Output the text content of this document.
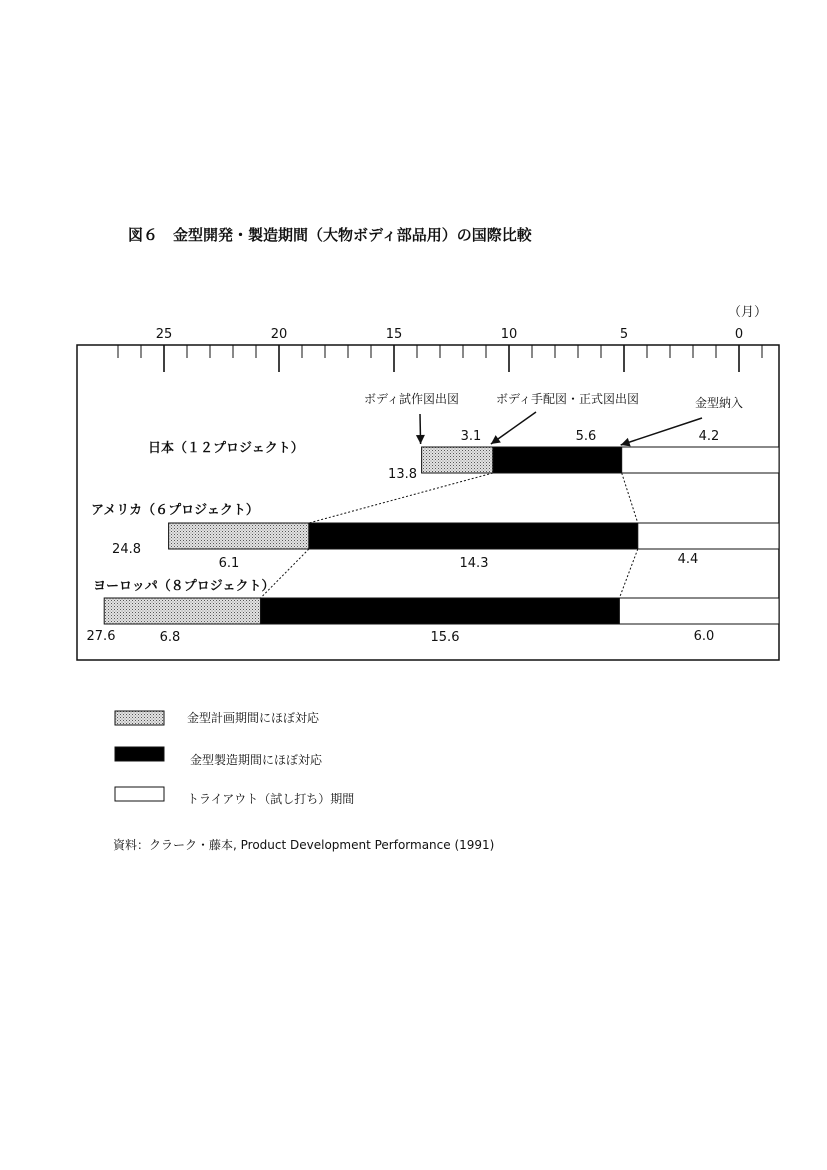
図６　金型開発・製造期間（大物ボディ部品用）の国際比較
（月）
25	20	15	10	5	0
3.1	5.6	4.2
日本（１２プロジェクト）
13.8
6.1	14.3	4.4
アメリカ（６プロジェクト）
24.8
6.8	15.6	6.0
ヨーロッパ（８プロジェクト）
27.6
ボディ試作図出図	ボディ手配図・正式図出図	金型納入
金型計画期間にほぼ対応
金型製造期間にほぼ対応
トライアウト（試し打ち）期間
資料：クラーク・藤本, Product Development Performance (1991)
